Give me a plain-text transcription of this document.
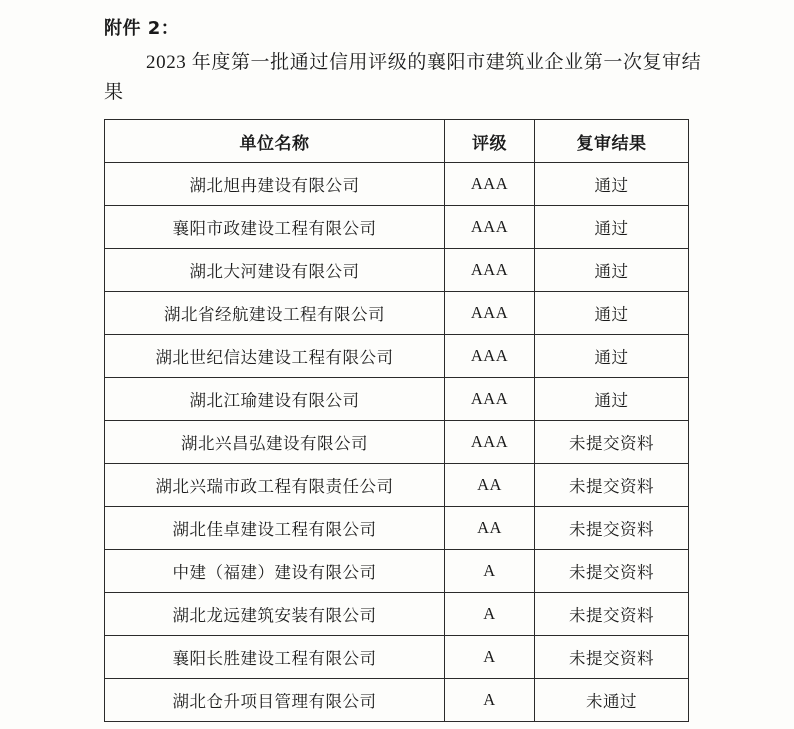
附件 2：
2023 年度第一批通过信用评级的襄阳市建筑业企业第一次复审结果
单位名称	评级	复审结果
湖北旭冉建设有限公司	AAA	通过
襄阳市政建设工程有限公司	AAA	通过
湖北大河建设有限公司	AAA	通过
湖北省经航建设工程有限公司	AAA	通过
湖北世纪信达建设工程有限公司	AAA	通过
湖北江瑜建设有限公司	AAA	通过
湖北兴昌弘建设有限公司	AAA	未提交资料
湖北兴瑞市政工程有限责任公司	AA	未提交资料
湖北佳卓建设工程有限公司	AA	未提交资料
中建（福建）建设有限公司	A	未提交资料
湖北龙远建筑安装有限公司	A	未提交资料
襄阳长胜建设工程有限公司	A	未提交资料
湖北仓升项目管理有限公司	A	未通过
